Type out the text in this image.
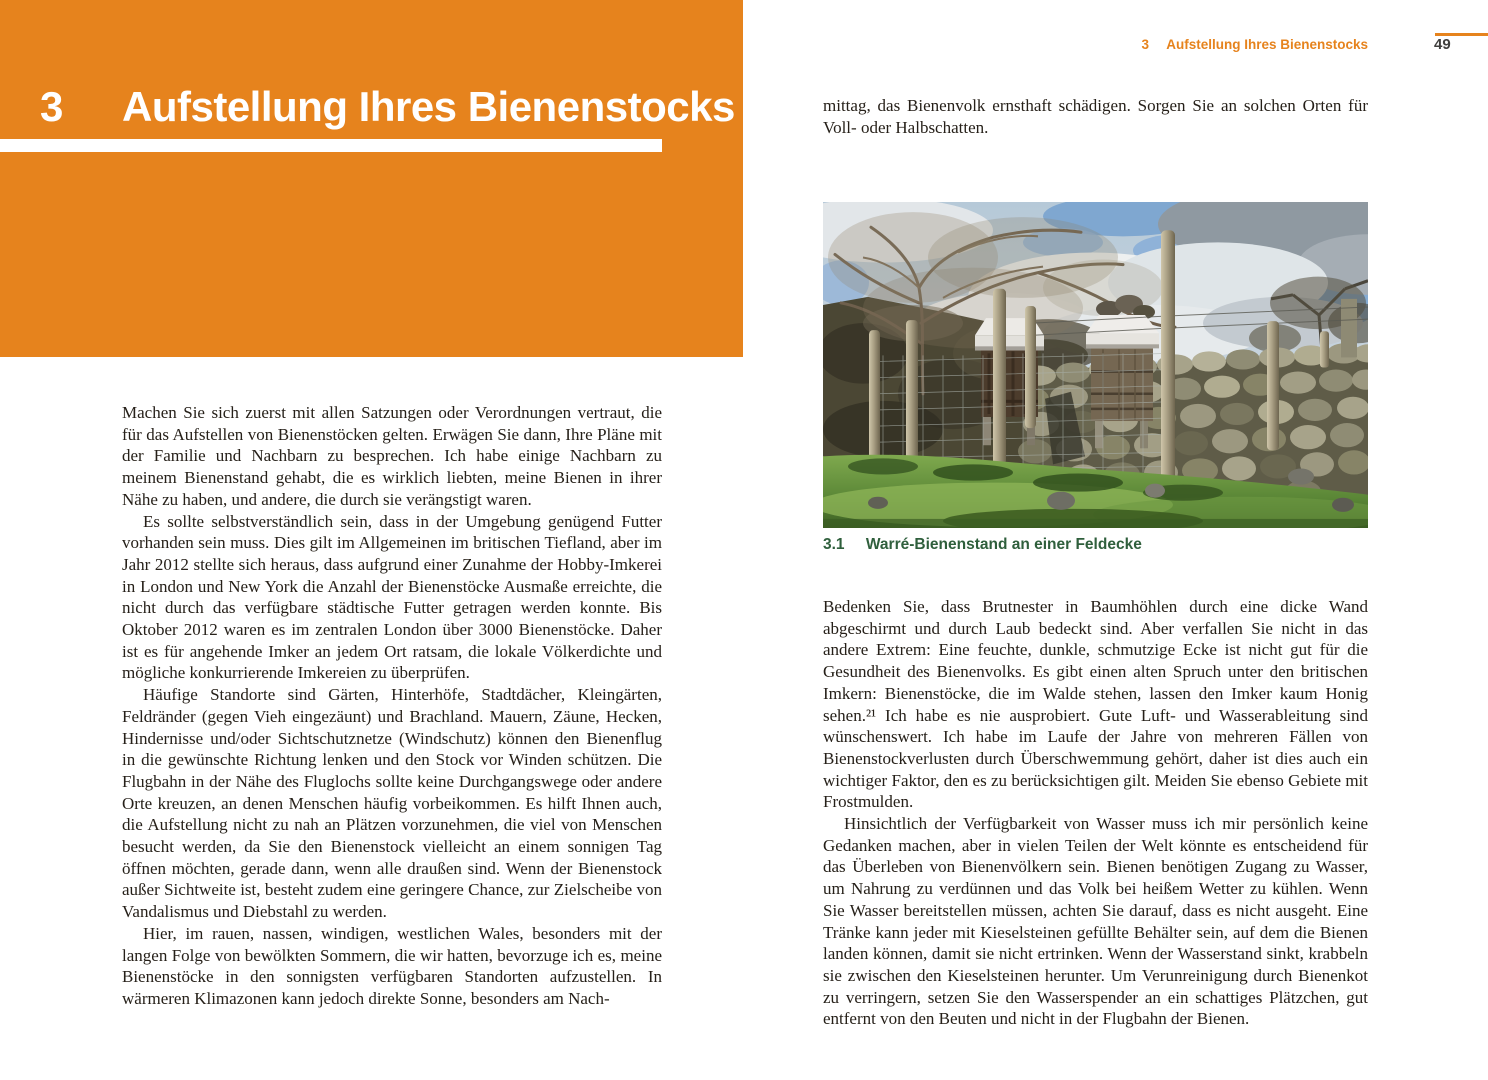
3 Aufstellung Ihres Bienenstocks

Machen Sie sich zuerst mit allen Satzungen oder Verordnungen vertraut, die für das Aufstellen von Bienenstöcken gelten. Erwägen Sie dann, Ihre Pläne mit der Familie und Nachbarn zu besprechen. Ich habe einige Nachbarn zu meinem Bienenstand gehabt, die es wirklich liebten, meine Bienen in ihrer Nähe zu haben, und andere, die durch sie verängstigt waren.

Es sollte selbstverständlich sein, dass in der Umgebung genügend Futter vorhanden sein muss. Dies gilt im Allgemeinen im britischen Tiefland, aber im Jahr 2012 stellte sich heraus, dass aufgrund einer Zunahme der Hobby-Imkerei in London und New York die Anzahl der Bienenstöcke Ausmaße erreichte, die nicht durch das verfügbare städtische Futter getragen werden konnte. Bis Oktober 2012 waren es im zentralen London über 3000 Bienenstöcke. Daher ist es für angehende Imker an jedem Ort ratsam, die lokale Völkerdichte und mögliche konkurrierende Imkereien zu überprüfen.

Häufige Standorte sind Gärten, Hinterhöfe, Stadtdächer, Kleingärten, Feldränder (gegen Vieh eingezäunt) und Brachland. Mauern, Zäune, Hecken, Hindernisse und/oder Sichtschutznetze (Windschutz) können den Bienenflug in die gewünschte Richtung lenken und den Stock vor Winden schützen. Die Flugbahn in der Nähe des Fluglochs sollte keine Durchgangswege oder andere Orte kreuzen, an denen Menschen häufig vorbeikommen. Es hilft Ihnen auch, die Aufstellung nicht zu nah an Plätzen vorzunehmen, die viel von Menschen besucht werden, da Sie den Bienenstock vielleicht an einem sonnigen Tag öffnen möchten, gerade dann, wenn alle draußen sind. Wenn der Bienenstock außer Sichtweite ist, besteht zudem eine geringere Chance, zur Zielscheibe von Vandalismus und Diebstahl zu werden.

Hier, im rauen, nassen, windigen, westlichen Wales, besonders mit der langen Folge von bewölkten Sommern, die wir hatten, bevorzuge ich es, meine Bienenstöcke in den sonnigsten verfügbaren Standorten aufzustellen. In wärmeren Klimazonen kann jedoch direkte Sonne, besonders am Nach-

3 Aufstellung Ihres Bienenstocks	49

mittag, das Bienenvolk ernsthaft schädigen. Sorgen Sie an solchen Orten für Voll- oder Halbschatten.

3.1 Warré-Bienenstand an einer Feldecke

Bedenken Sie, dass Brutnester in Baumhöhlen durch eine dicke Wand abgeschirmt und durch Laub bedeckt sind. Aber verfallen Sie nicht in das andere Extrem: Eine feuchte, dunkle, schmutzige Ecke ist nicht gut für die Gesundheit des Bienenvolks. Es gibt einen alten Spruch unter den britischen Imkern: Bienenstöcke, die im Walde stehen, lassen den Imker kaum Honig sehen.²¹ Ich habe es nie ausprobiert. Gute Luft- und Wasserableitung sind wünschenswert. Ich habe im Laufe der Jahre von mehreren Fällen von Bienenstockverlusten durch Überschwemmung gehört, daher ist dies auch ein wichtiger Faktor, den es zu berücksichtigen gilt. Meiden Sie ebenso Gebiete mit Frostmulden.

Hinsichtlich der Verfügbarkeit von Wasser muss ich mir persönlich keine Gedanken machen, aber in vielen Teilen der Welt könnte es entscheidend für das Überleben von Bienenvölkern sein. Bienen benötigen Zugang zu Wasser, um Nahrung zu verdünnen und das Volk bei heißem Wetter zu kühlen. Wenn Sie Wasser bereitstellen müssen, achten Sie darauf, dass es nicht ausgeht. Eine Tränke kann jeder mit Kieselsteinen gefüllte Behälter sein, auf dem die Bienen landen können, damit sie nicht ertrinken. Wenn der Wasserstand sinkt, krabbeln sie zwischen den Kieselsteinen herunter. Um Verunreinigung durch Bienenkot zu verringern, setzen Sie den Wasserspender an ein schattiges Plätzchen, gut entfernt von den Beuten und nicht in der Flugbahn der Bienen.
